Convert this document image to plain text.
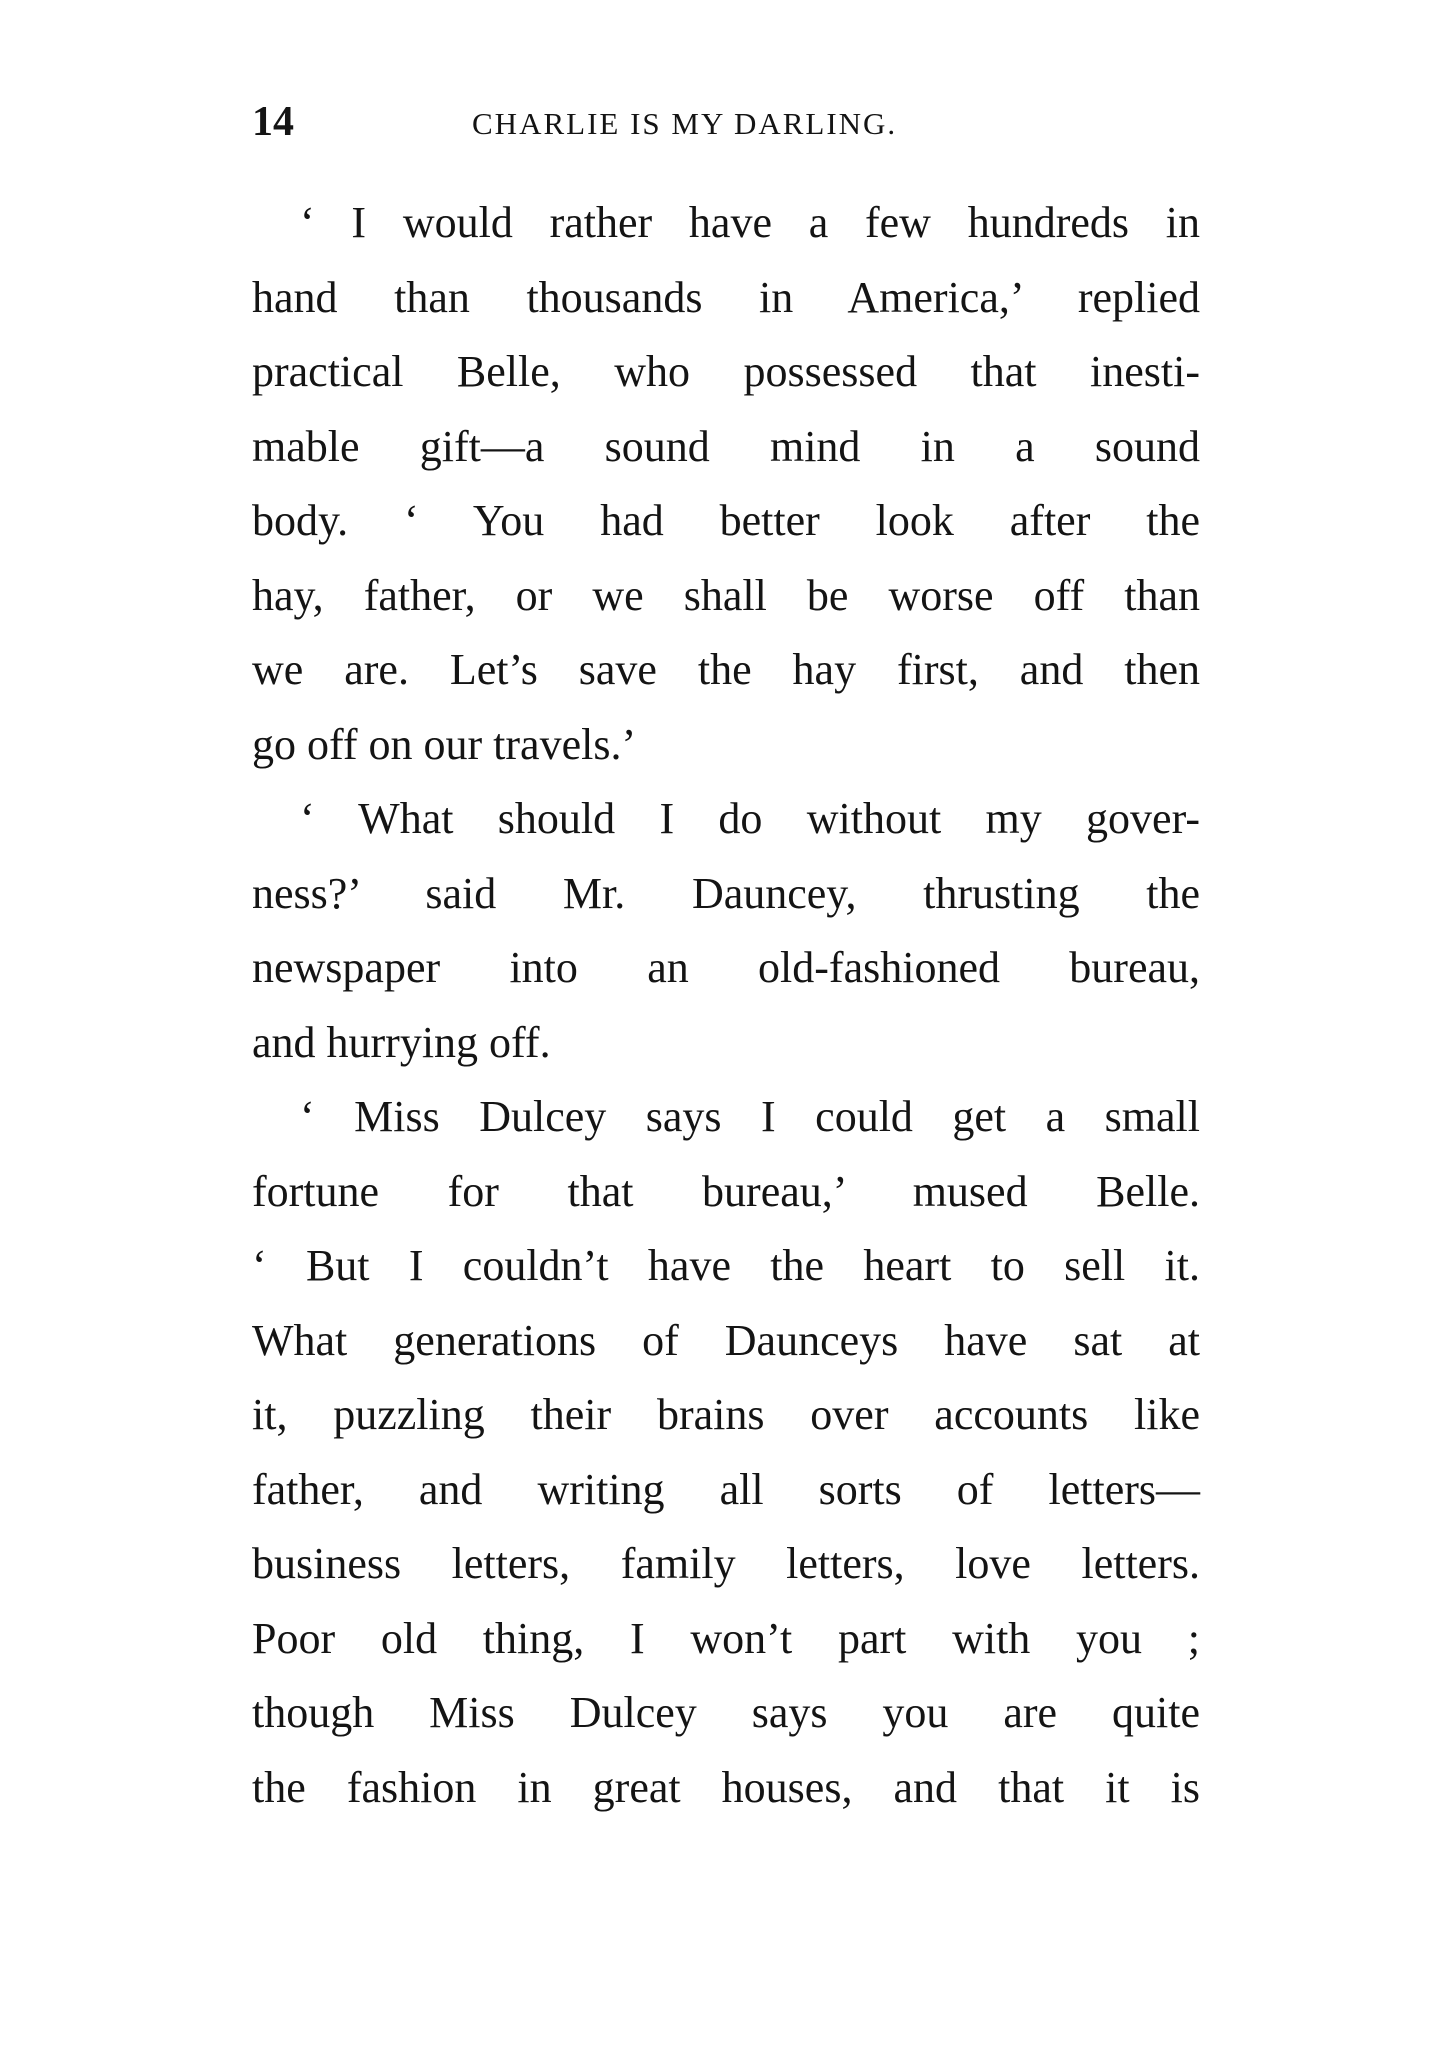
14	CHARLIE IS MY DARLING.
‘ I would rather have a few hundreds in
hand than thousands in America,’ replied
practical Belle, who possessed that inesti-
mable gift—a sound mind in a sound
body. ‘ You had better look after the
hay, father, or we shall be worse off than
we are. Let’s save the hay first, and then
go off on our travels.’
‘ What should I do without my gover-
ness?’ said Mr. Dauncey, thrusting the
newspaper into an old-fashioned bureau,
and hurrying off.
‘ Miss Dulcey says I could get a small
fortune for that bureau,’ mused Belle.
‘ But I couldn’t have the heart to sell it.
What generations of Daunceys have sat at
it, puzzling their brains over accounts like
father, and writing all sorts of letters—
business letters, family letters, love letters.
Poor old thing, I won’t part with you ;
though Miss Dulcey says you are quite
the fashion in great houses, and that it is
